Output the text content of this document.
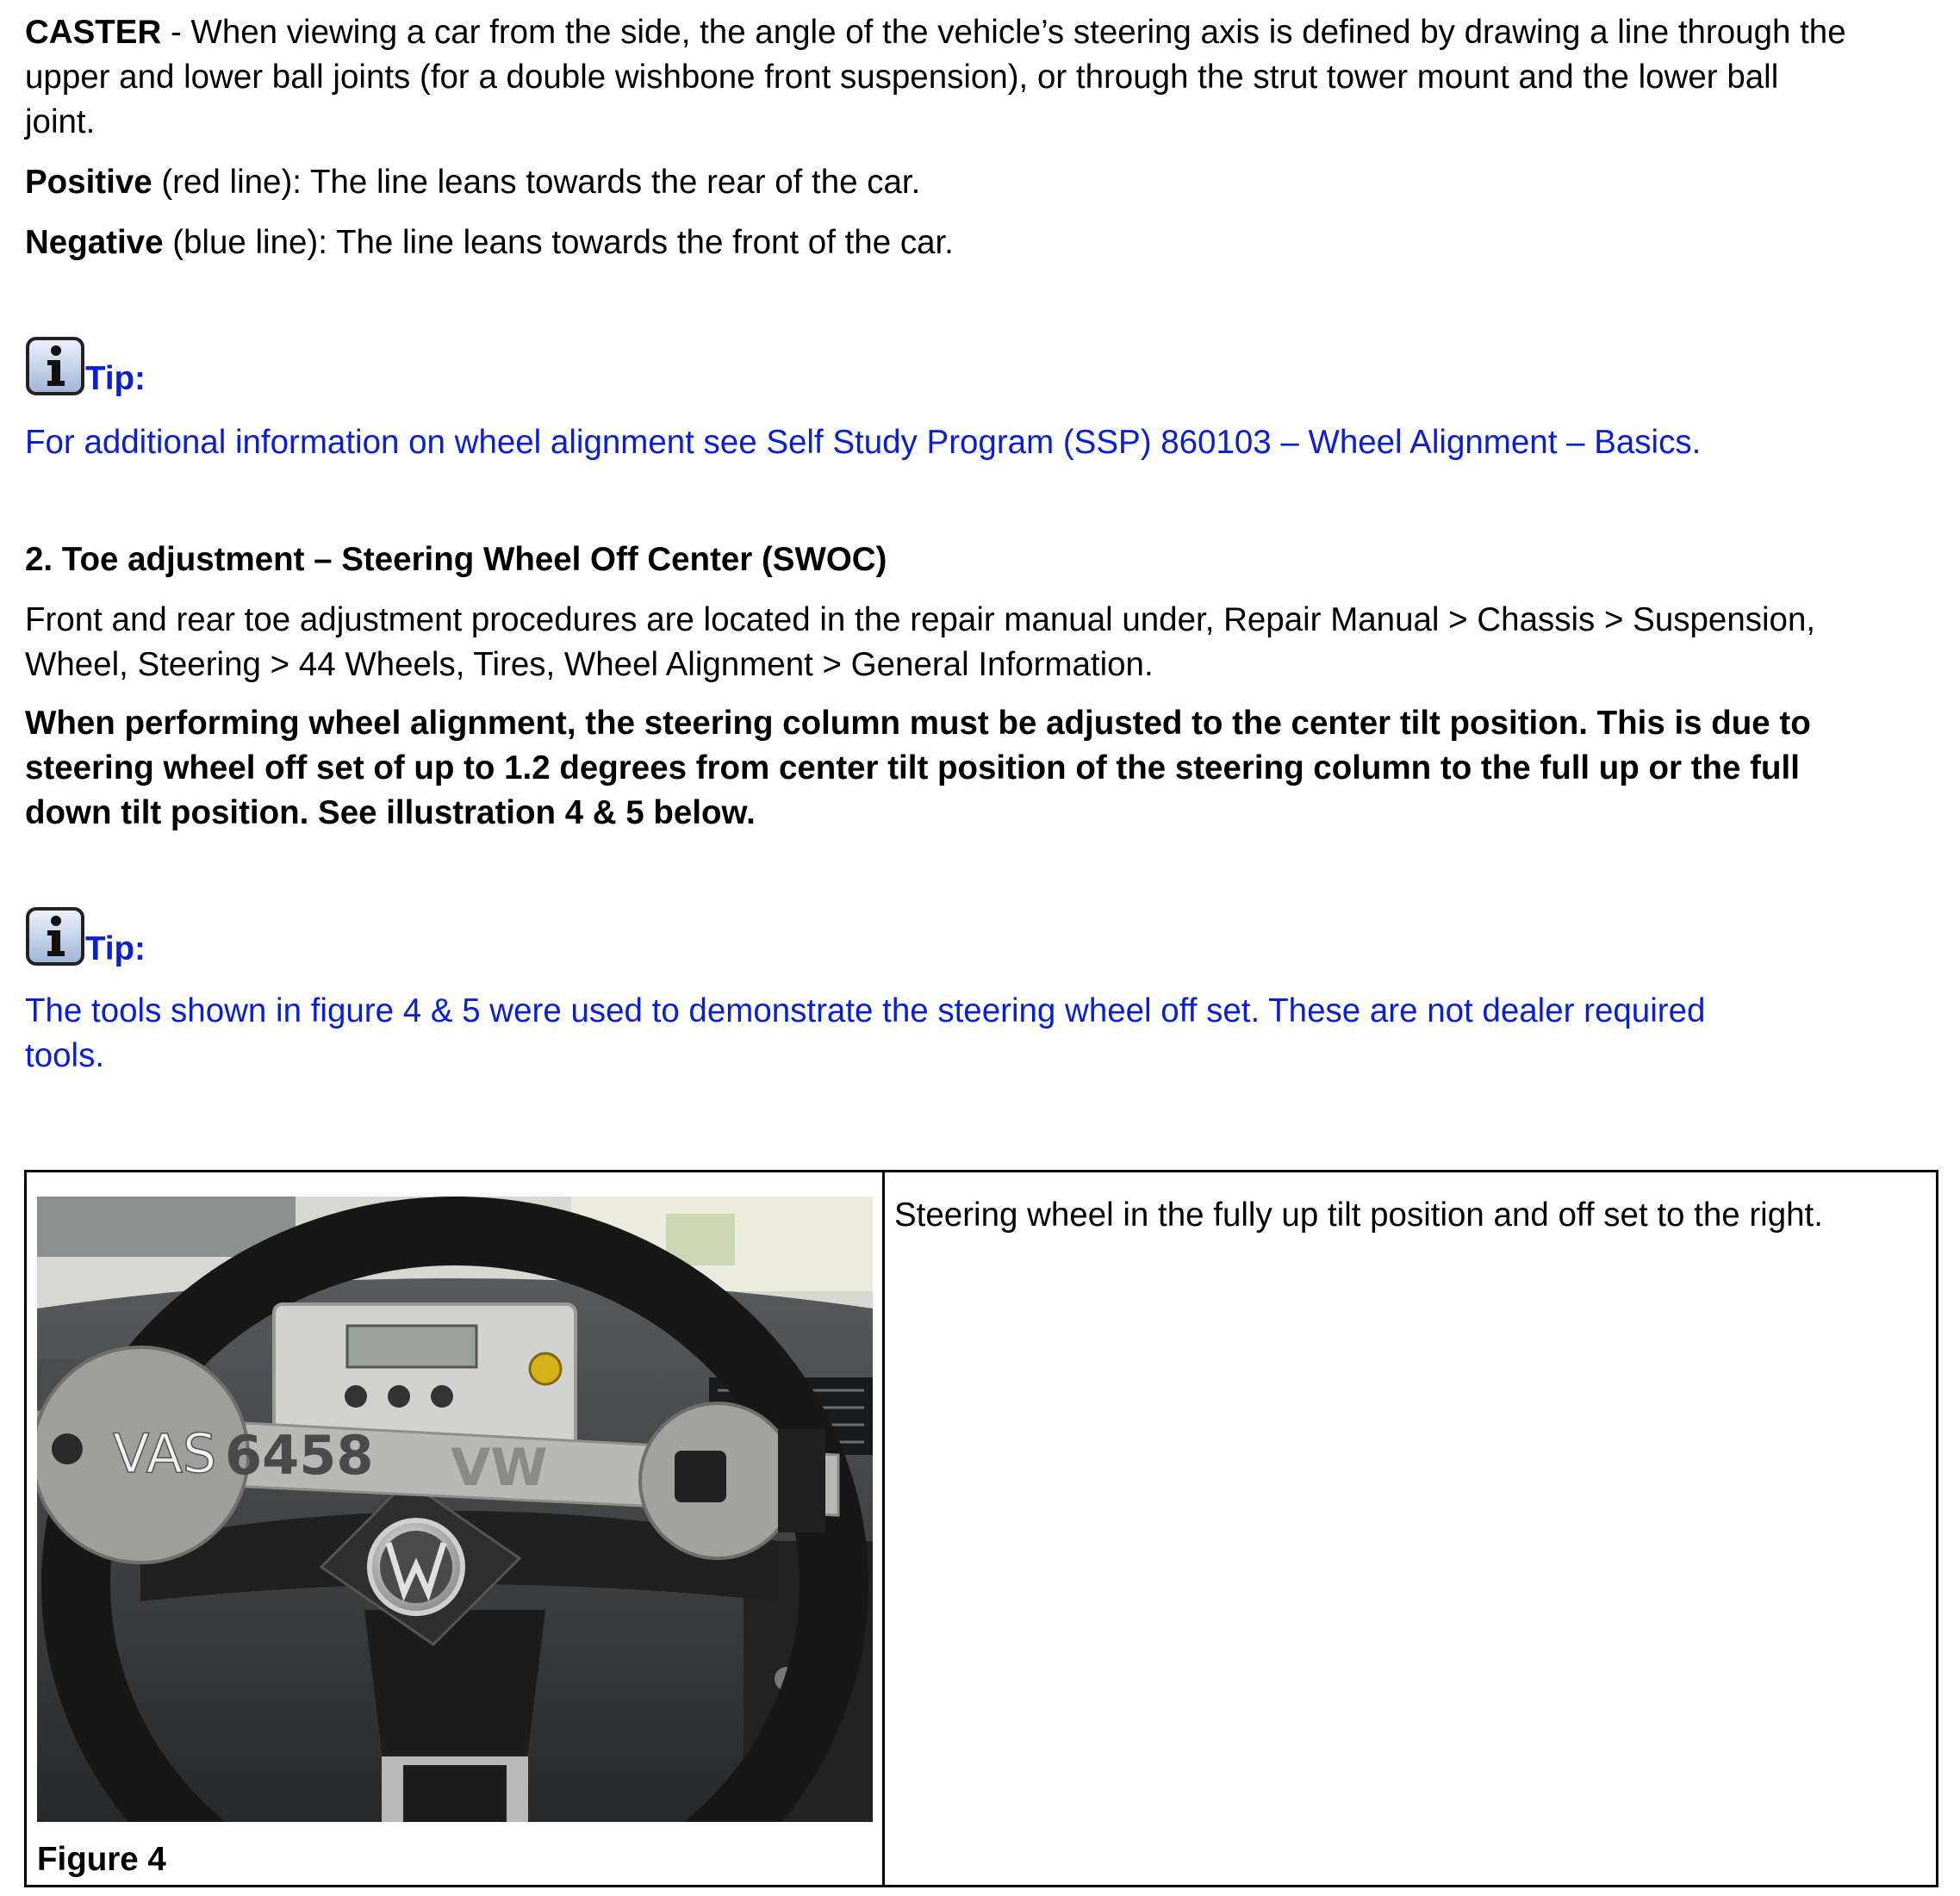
CASTER - When viewing a car from the side, the angle of the vehicle’s steering axis is defined by drawing a line through the upper and lower ball joints (for a double wishbone front suspension), or through the strut tower mount and the lower ball joint.

Positive (red line): The line leans towards the rear of the car.

Negative (blue line): The line leans towards the front of the car.

Tip:

For additional information on wheel alignment see Self Study Program (SSP) 860103 – Wheel Alignment – Basics.

2. Toe adjustment – Steering Wheel Off Center (SWOC)

Front and rear toe adjustment procedures are located in the repair manual under, Repair Manual > Chassis > Suspension, Wheel, Steering > 44 Wheels, Tires, Wheel Alignment > General Information.

When performing wheel alignment, the steering column must be adjusted to the center tilt position. This is due to steering wheel off set of up to 1.2 degrees from center tilt position of the steering column to the full up or the full down tilt position. See illustration 4 & 5 below.

Tip:

The tools shown in figure 4 & 5 were used to demonstrate the steering wheel off set. These are not dealer required tools.

VAS 6458 VW
Figure 4
Steering wheel in the fully up tilt position and off set to the right.
